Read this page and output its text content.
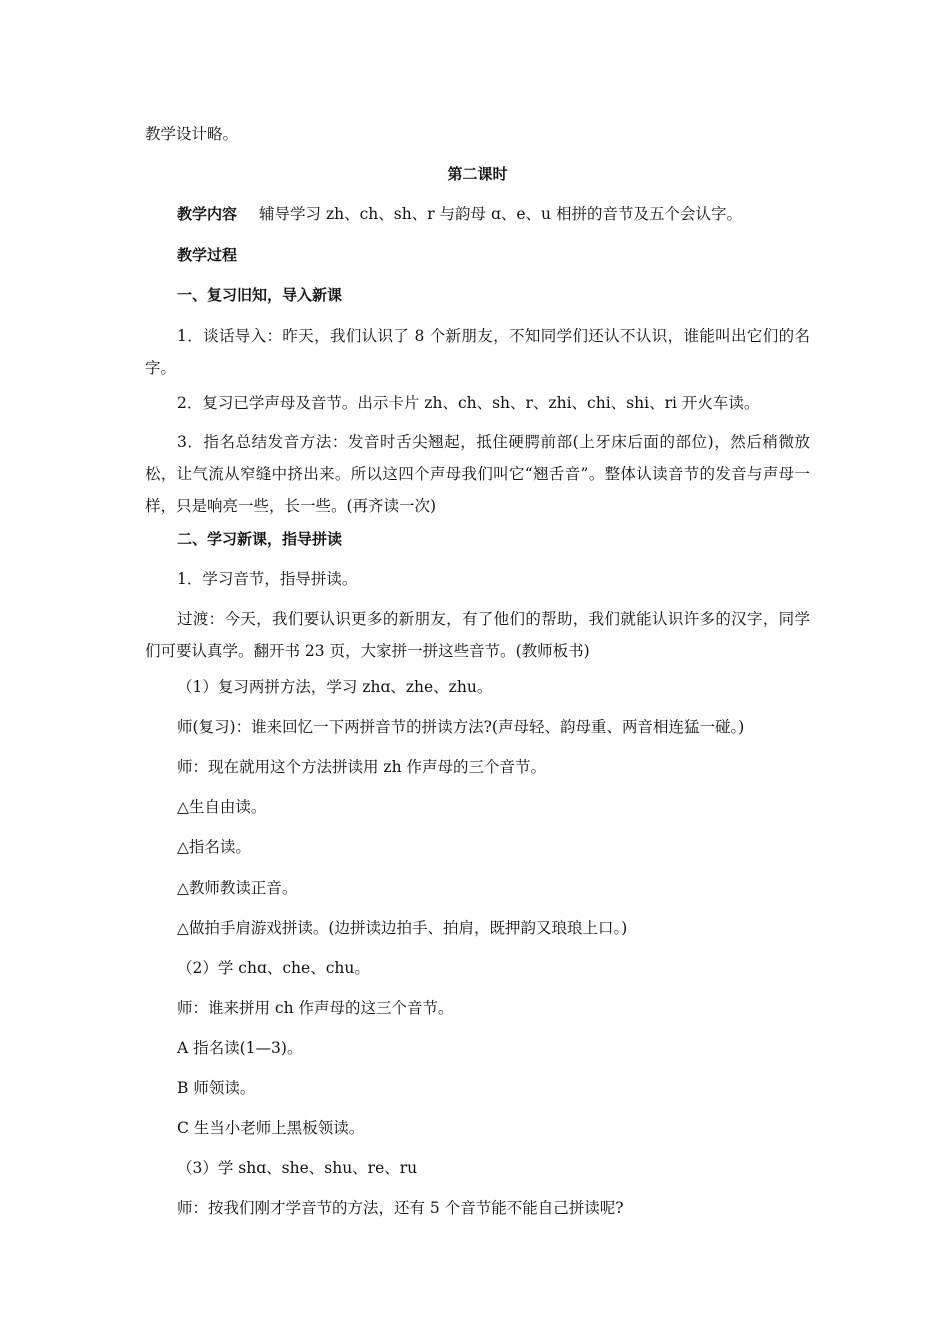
教学设计略。
第二课时
教学内容 辅导学习 zh、ch、sh、r 与韵母 ɑ、e、u 相拼的音节及五个会认字。
教学过程
一、复习旧知，导入新课
1．谈话导入：昨天，我们认识了 8 个新朋友，不知同学们还认不认识，谁能叫出它们的名字。
2．复习已学声母及音节。出示卡片 zh、ch、sh、r、zhi、chi、shi、ri 开火车读。
3．指名总结发音方法：发音时舌尖翘起，抵住硬腭前部(上牙床后面的部位)，然后稍微放松，让气流从窄缝中挤出来。所以这四个声母我们叫它“翘舌音”。整体认读音节的发音与声母一样，只是响亮一些，长一些。(再齐读一次)
二、学习新课，指导拼读
1．学习音节，指导拼读。
过渡：今天，我们要认识更多的新朋友，有了他们的帮助，我们就能认识许多的汉字，同学们可要认真学。翻开书 23 页，大家拼一拼这些音节。(教师板书)
（1）复习两拼方法，学习 zhɑ、zhe、zhu。
师(复习)：谁来回忆一下两拼音节的拼读方法?(声母轻、韵母重、两音相连猛一碰。)
师：现在就用这个方法拼读用 zh 作声母的三个音节。
△生自由读。
△指名读。
△教师教读正音。
△做拍手肩游戏拼读。(边拼读边拍手、拍肩，既押韵又琅琅上口。)
（2）学 chɑ、che、chu。
师：谁来拼用 ch 作声母的这三个音节。
A 指名读(1—3)。
B 师领读。
C 生当小老师上黑板领读。
（3）学 shɑ、she、shu、re、ru
师：按我们刚才学音节的方法，还有 5 个音节能不能自己拼读呢?
